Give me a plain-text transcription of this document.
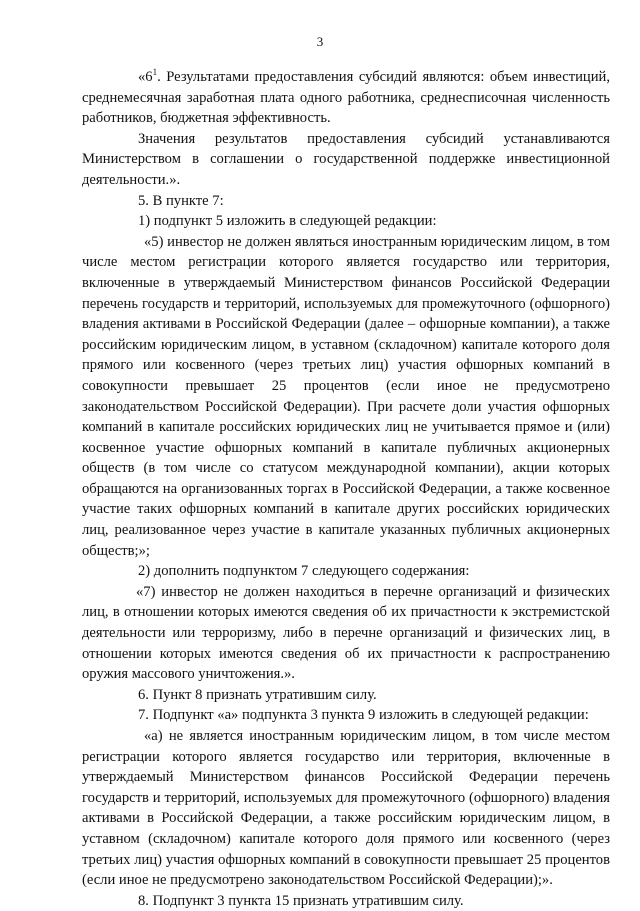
3

«$6^1$. Результатами предоставления субсидий являются: объем инвестиций, среднемесячная заработная плата одного работника, среднесписочная численность работников, бюджетная эффективность.

Значения результатов предоставления субсидий устанавливаются Министерством в соглашении о государственной поддержке инвестиционной деятельности.».

5. В пункте 7:

1) подпункт 5 изложить в следующей редакции:

«5) инвестор не должен являться иностранным юридическим лицом, в том числе местом регистрации которого является государство или территория, включенные в утверждаемый Министерством финансов Российской Федерации перечень государств и территорий, используемых для промежуточного (офшорного) владения активами в Российской Федерации (далее – офшорные компании), а также российским юридическим лицом, в уставном (складочном) капитале которого доля прямого или косвенного (через третьих лиц) участия офшорных компаний в совокупности превышает 25 процентов (если иное не предусмотрено законодательством Российской Федерации). При расчете доли участия офшорных компаний в капитале российских юридических лиц не учитывается прямое и (или) косвенное участие офшорных компаний в капитале публичных акционерных обществ (в том числе со статусом международной компании), акции которых обращаются на организованных торгах в Российской Федерации, а также косвенное участие таких офшорных компаний в капитале других российских юридических лиц, реализованное через участие в капитале указанных публичных акционерных обществ;»;

2) дополнить подпунктом 7 следующего содержания:

«7) инвестор не должен находиться в перечне организаций и физических лиц, в отношении которых имеются сведения об их причастности к экстремистской деятельности или терроризму, либо в перечне организаций и физических лиц, в отношении которых имеются сведения об их причастности к распространению оружия массового уничтожения.».

6. Пункт 8 признать утратившим силу.

7. Подпункт «а» подпункта 3 пункта 9 изложить в следующей редакции:

«а) не является иностранным юридическим лицом, в том числе местом регистрации которого является государство или территория, включенные в утверждаемый Министерством финансов Российской Федерации перечень государств и территорий, используемых для промежуточного (офшорного) владения активами в Российской Федерации, а также российским юридическим лицом, в уставном (складочном) капитале которого доля прямого или косвенного (через третьих лиц) участия офшорных компаний в совокупности превышает 25 процентов (если иное не предусмотрено законодательством Российской Федерации);».

8. Подпункт 3 пункта 15 признать утратившим силу.
